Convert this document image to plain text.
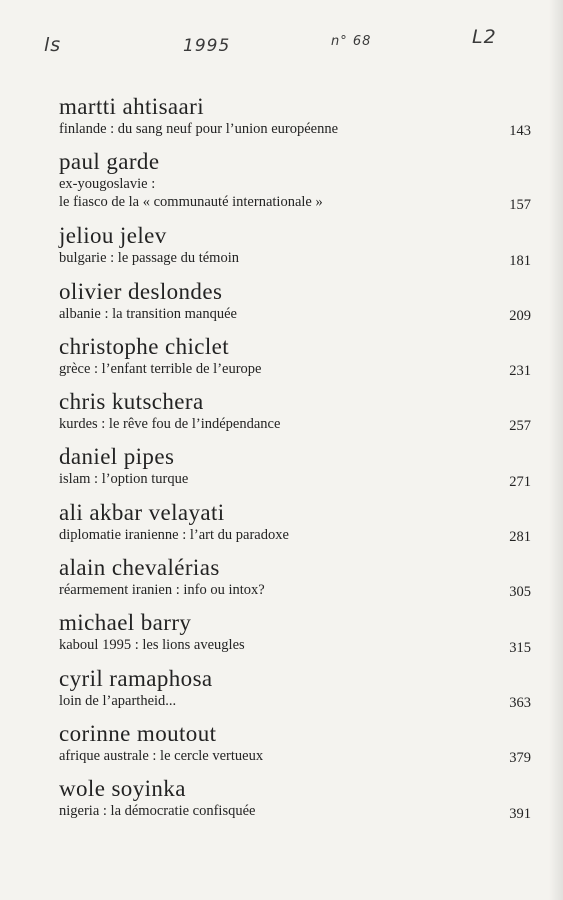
ls	1995	n° 68	L2
martti ahtisaari
finlande : du sang neuf pour l’union européenne	143
paul garde
ex-yougoslavie :
le fiasco de la « communauté internationale »	157
jeliou jelev
bulgarie : le passage du témoin	181
olivier deslondes
albanie : la transition manquée	209
christophe chiclet
grèce : l’enfant terrible de l’europe	231
chris kutschera
kurdes : le rêve fou de l’indépendance	257
daniel pipes
islam : l’option turque	271
ali akbar velayati
diplomatie iranienne : l’art du paradoxe	281
alain chevalérias
réarmement iranien : info ou intox?	305
michael barry
kaboul 1995 : les lions aveugles	315
cyril ramaphosa
loin de l’apartheid...	363
corinne moutout
afrique australe : le cercle vertueux	379
wole soyinka
nigeria : la démocratie confisquée	391
